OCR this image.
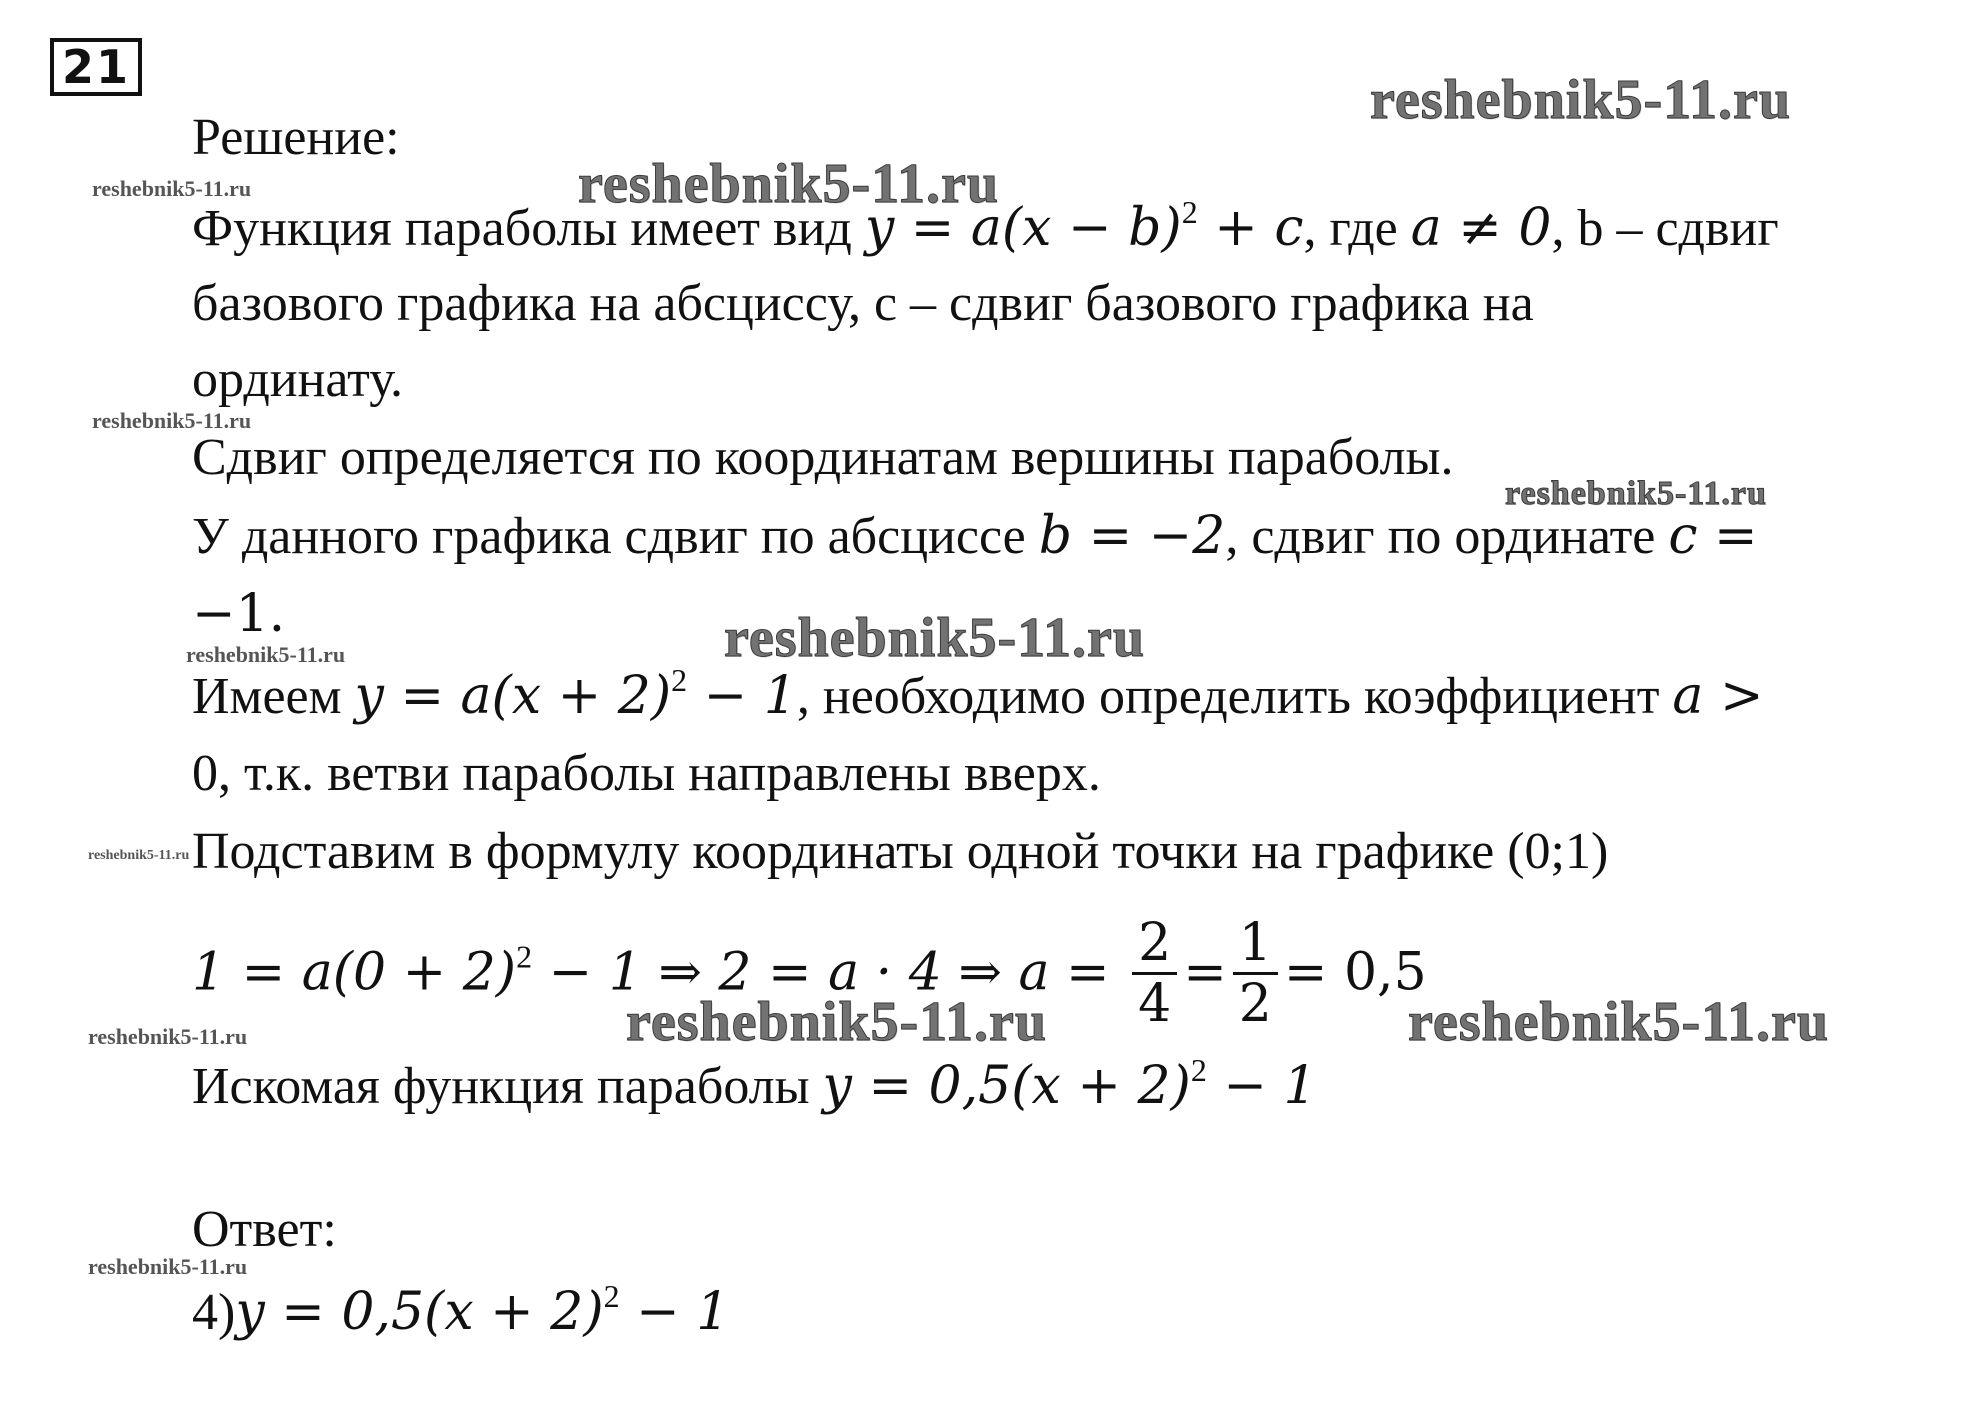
21
reshebnik5-11.ru
reshebnik5-11.ru
reshebnik5-11.ru
reshebnik5-11.ru
reshebnik5-11.ru
reshebnik5-11.ru
reshebnik5-11.ru
reshebnik5-11.ru
reshebnik5-11.ru	reshebnik5-11.ru
reshebnik5-11.ru
reshebnik5-11.ru
Решение:
Функция параболы имеет вид $y = a(x - b)^2 + c$, где a ≠ 0, b – сдвиг
базового графика на абсциссу, с – сдвиг базового графика на
ординату.
Сдвиг определяется по координатам вершины параболы.
У данного графика сдвиг по абсциссе b = −2, сдвиг по ординате c =
−1.
Имеем $y = a(x + 2)^2 - 1$, необходимо определить коэффициент a >
0, т.к. ветви параболы направлены вверх.
Подставим в формулу координаты одной точки на графике (0;1)
$1 = a(0 + 2)^2 - 1$ ⇒ 2 = a · 4 ⇒ $a = \frac{2}{4} = \frac{1}{2} = 0,5$
Искомая функция параболы $y = 0,5(x + 2)^2 - 1$
Ответ:
$4)y = 0,5(x + 2)^2 - 1$
